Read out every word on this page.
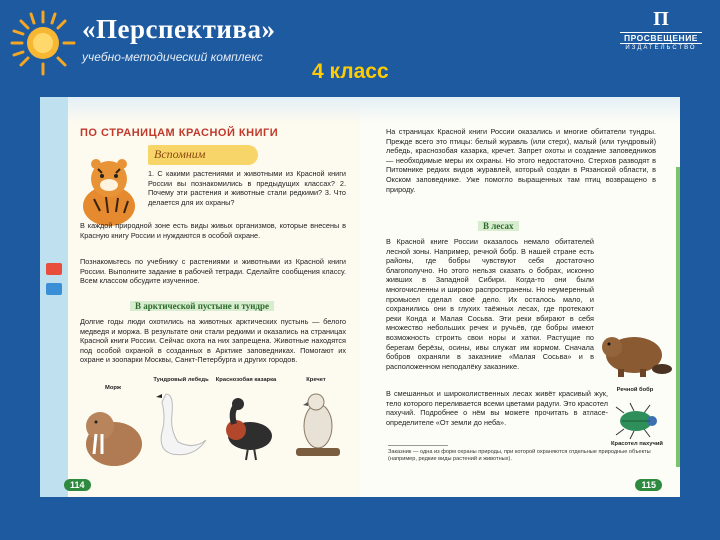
«Перспектива»
учебно-методический комплекс
4 класс
П
ПРОСВЕЩЕНИЕ
ИЗДАТЕЛЬСТВО
ПО СТРАНИЦАМ КРАСНОЙ КНИГИ
Вспомним
1. С какими растениями и животными из Красной книги России вы познакомились в предыдущих классах? 2. Почему эти растения и животные стали редкими? 3. Что делается для их охраны?
В каждой природной зоне есть виды живых организмов, которые внесены в Красную книгу России и нуждаются в особой охране.
Познакомьтесь по учебнику с растениями и животными из Красной книги России. Выполните задание в рабочей тетради. Сделайте сообщения классу. Всем классом обсудите изученное.
В арктической пустыне и тундре
Долгие годы люди охотились на животных арктических пустынь — белого медведя и моржа. В результате они стали редкими и оказались на страницах Красной книги России. Сейчас охота на них запрещена. Животные находятся под особой охраной в созданных в Арктике заповедниках. Помогают их охране и зоопарки Москвы, Санкт-Петербурга и других городов.
Морж
Тундровый лебедь	Краснозобая казарка	Кречет
114
На страницах Красной книги России оказались и многие обитатели тундры. Прежде всего это птицы: белый журавль (или стерх), малый (или тундровый) лебедь, краснозобая казарка, кречет. Запрет охоты и создание заповедников — необходимые меры их охраны. Но этого недостаточно. Стерхов разводят в Питомнике редких видов журавлей, который создан в Рязанской области, в Окском заповеднике. Уже помогло выращенных там птиц возвращено в природу.
В лесах
В Красной книге России оказалось немало обитателей лесной зоны. Например, речной бобр. В нашей стране есть районы, где бобры чувствуют себя достаточно благополучно. Но этого нельзя сказать о бобрах, исконно живших в Западной Сибири. Когда-то они были многочисленны и широко распространены. Но неумеренный промысел сделал своё дело. Их осталось мало, и сохранились они в глухих таёжных лесах, где протекают реки Конда и Малая Сосьва. Эти реки вбирают в себя множество небольших речек и ручьёв, где бобры имеют возможность строить свои норы и хатки. Растущие по берегам берёзы, осины, ивы служат им кормом. Сначала бобров охраняли в заказнике «Малая Сосьва» и в расположенном неподалёку заказнике.
Речной бобр
В смешанных и широколиственных лесах живёт красивый жук, тело которого переливается всеми цветами радуги. Это красотел пахучий. Подробнее о нём вы можете прочитать в атласе-определителе «От земли до неба».
Красотел пахучий
Заказник — одна из форм охраны природы, при которой охраняются отдельные природные объекты (например, редкие виды растений и животных).
115
